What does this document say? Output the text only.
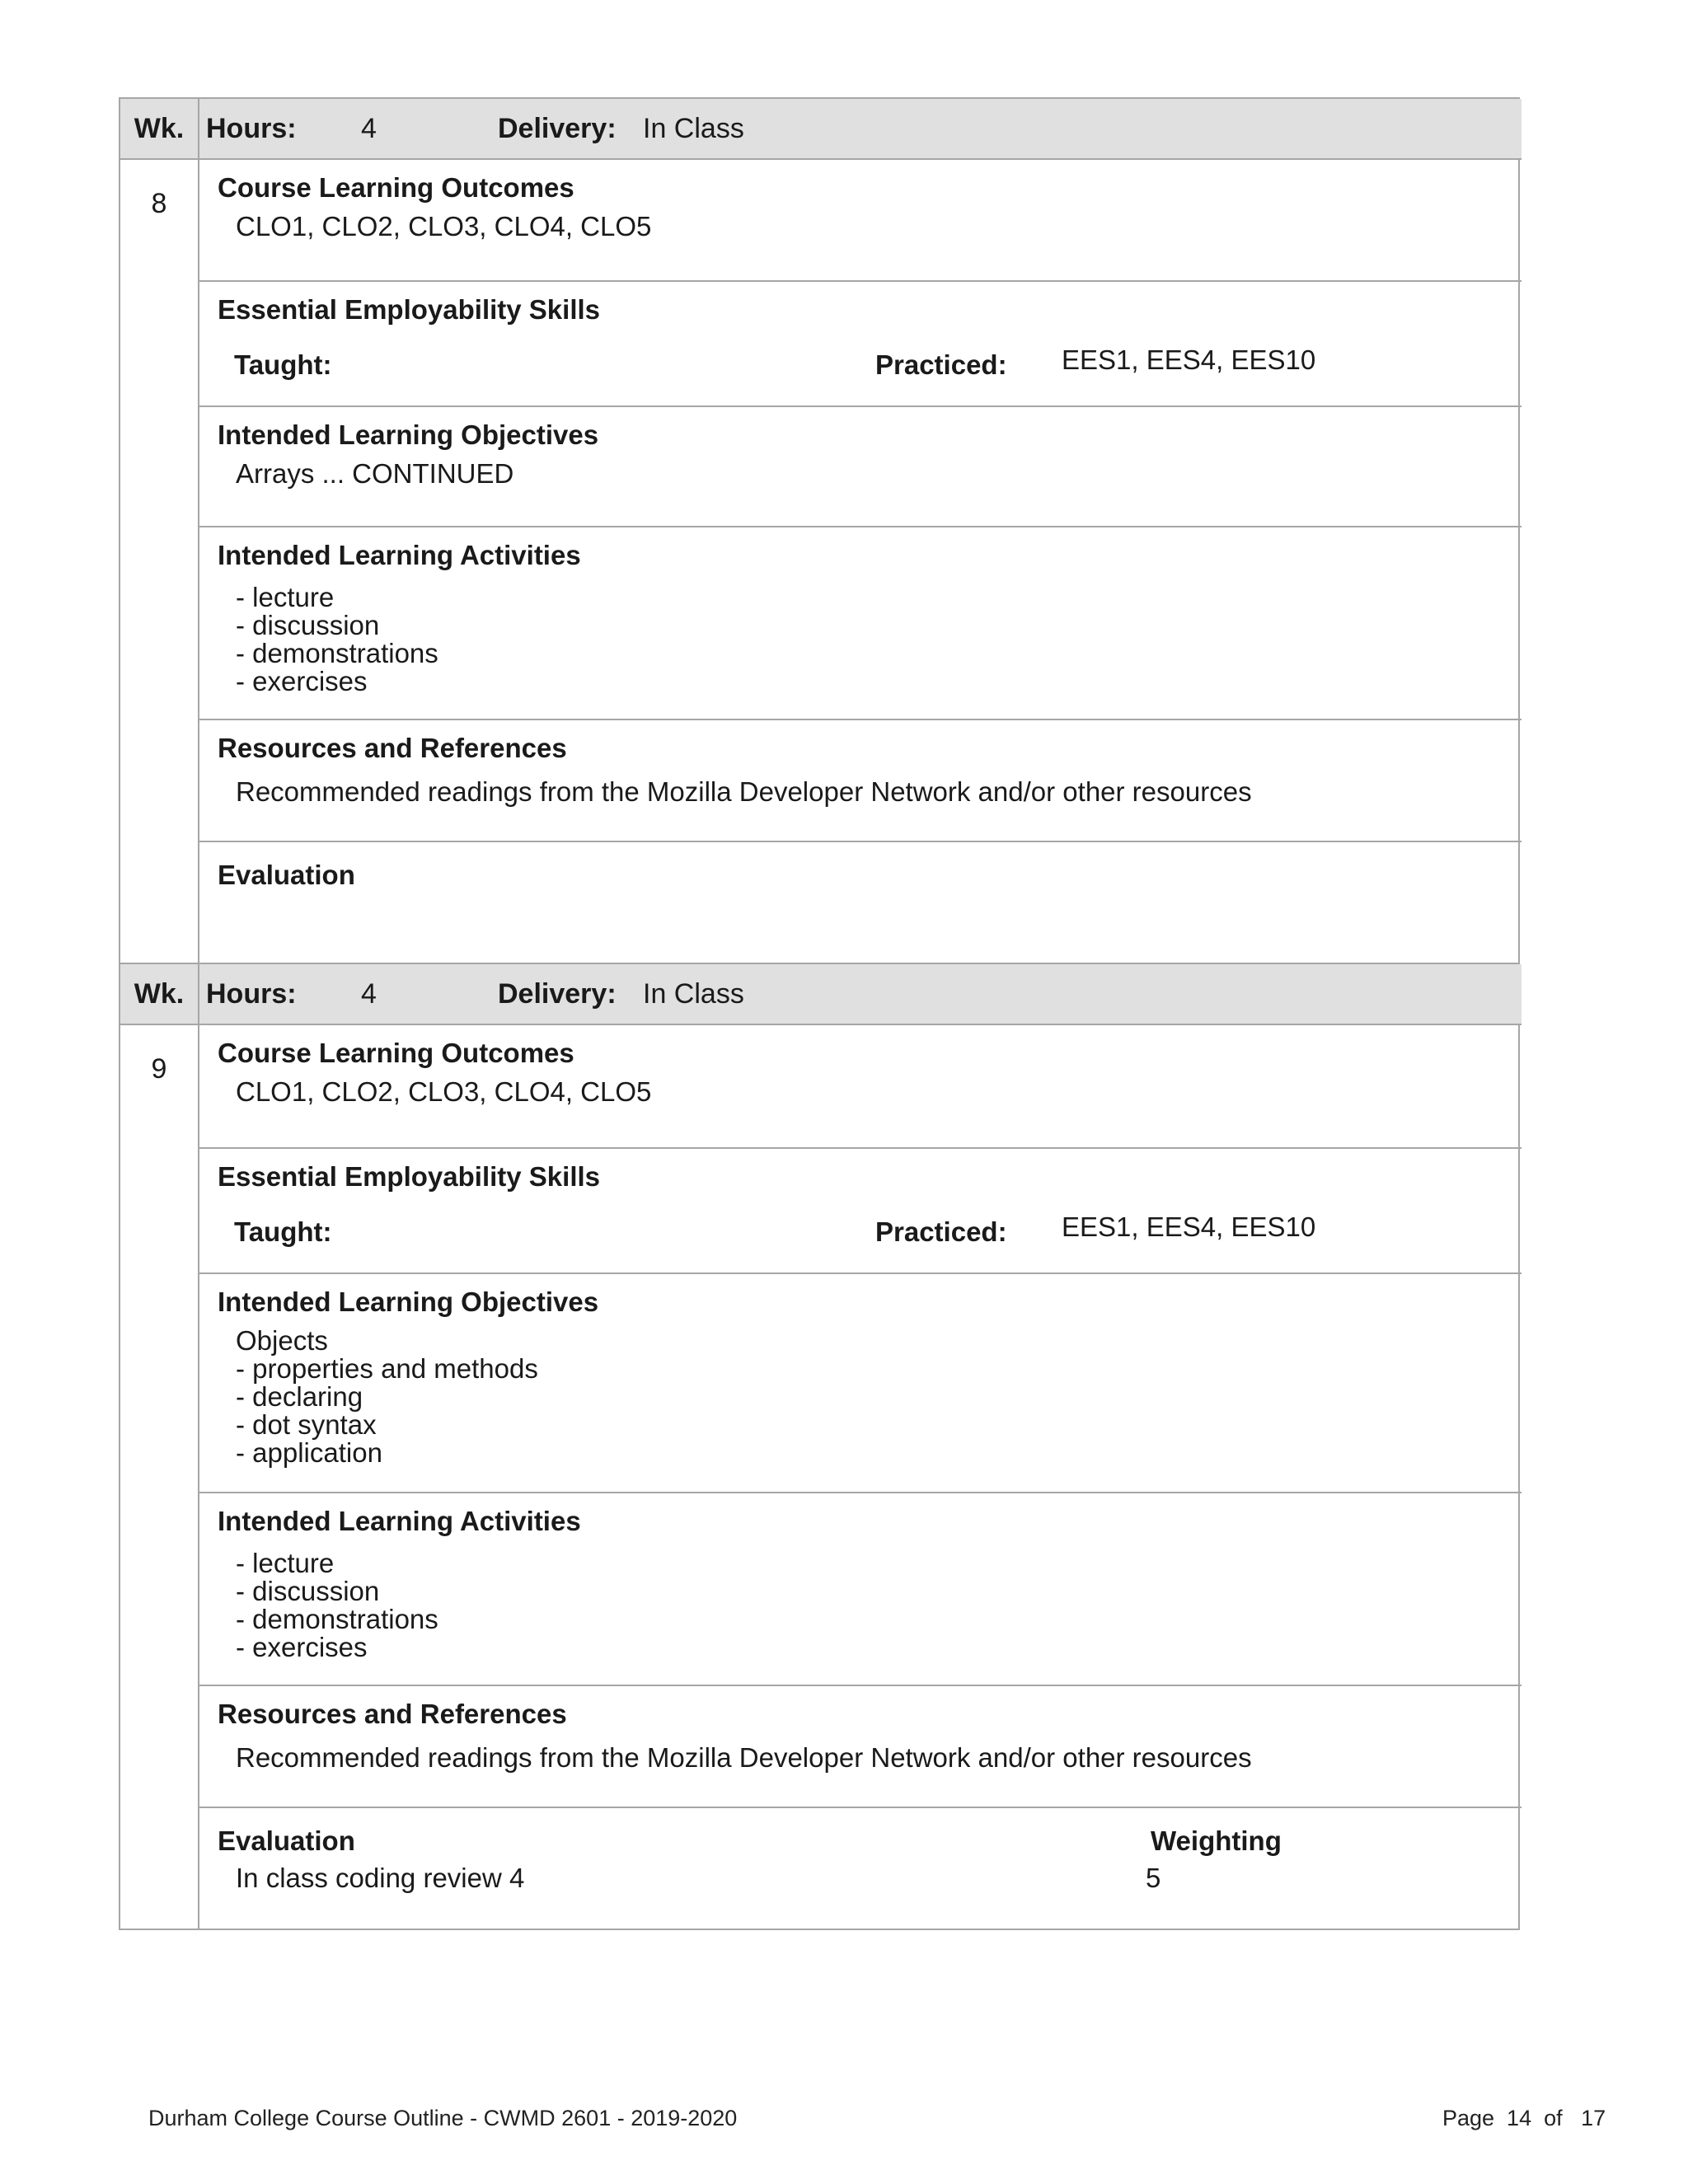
Wk. Hours: 4	Delivery: In Class
8
Course Learning Outcomes
CLO1, CLO2, CLO3, CLO4, CLO5
Essential Employability Skills
Taught:	Practiced: EES1, EES4, EES10
Intended Learning Objectives
Arrays ... CONTINUED
Intended Learning Activities
- lecture
- discussion
- demonstrations
- exercises
Resources and References
Recommended readings from the Mozilla Developer Network and/or other resources
Evaluation
Wk. Hours: 4	Delivery: In Class
9
Course Learning Outcomes
CLO1, CLO2, CLO3, CLO4, CLO5
Essential Employability Skills
Taught:	Practiced: EES1, EES4, EES10
Intended Learning Objectives
Objects
- properties and methods
- declaring
- dot syntax
- application
Intended Learning Activities
- lecture
- discussion
- demonstrations
- exercises
Resources and References
Recommended readings from the Mozilla Developer Network and/or other resources
Evaluation	Weighting
In class coding review 4	5
Durham College Course Outline - CWMD 2601 - 2019-2020	Page  14  of   17
